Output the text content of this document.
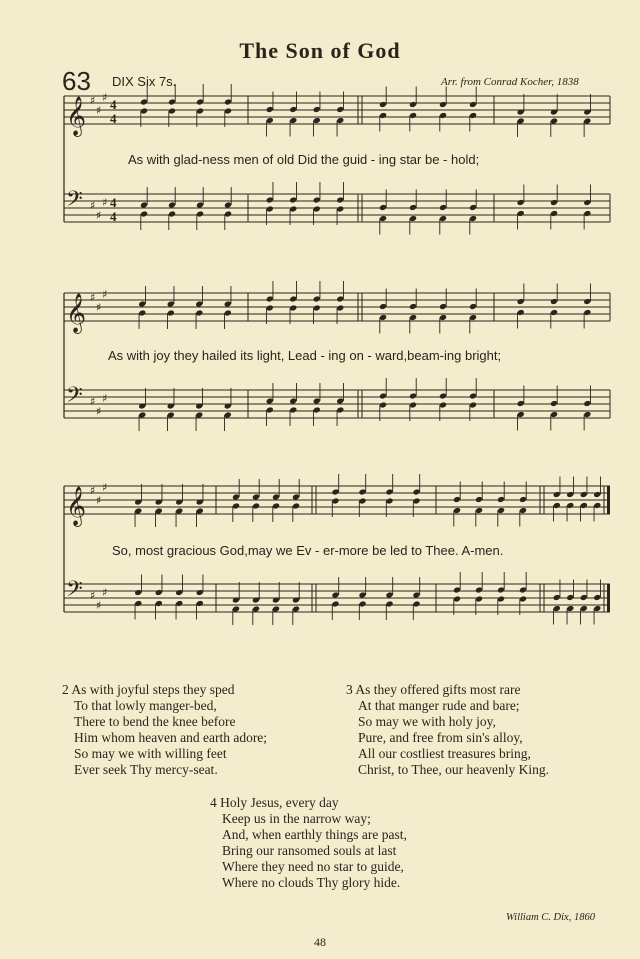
The Son of God
63 DIX Six 7s.	Arr. from Conrad Kocher, 1838
𝄞 ♯
♯
♯ 4
4
𝄢 ♯
♯
♯ 4
4
𝄞 ♯
♯
♯
𝄢 ♯
♯
♯
𝄞 ♯
♯
♯
𝄢 ♯
♯
♯
As with glad-ness men of old Did the guid - ing star be - hold;
As with joy they hailed its light, Lead - ing on - ward,beam-ing bright;
So, most gracious God,may we Ev - er-more be led to Thee. A-men.
2 As with joyful steps they sped
To that lowly manger-bed,
There to bend the knee before
Him whom heaven and earth adore;
So may we with willing feet
Ever seek Thy mercy-seat.
3 As they offered gifts most rare
At that manger rude and bare;
So may we with holy joy,
Pure, and free from sin's alloy,
All our costliest treasures bring,
Christ, to Thee, our heavenly King.
4 Holy Jesus, every day
Keep us in the narrow way;
And, when earthly things are past,
Bring our ransomed souls at last
Where they need no star to guide,
Where no clouds Thy glory hide.
William C. Dix, 1860
48
